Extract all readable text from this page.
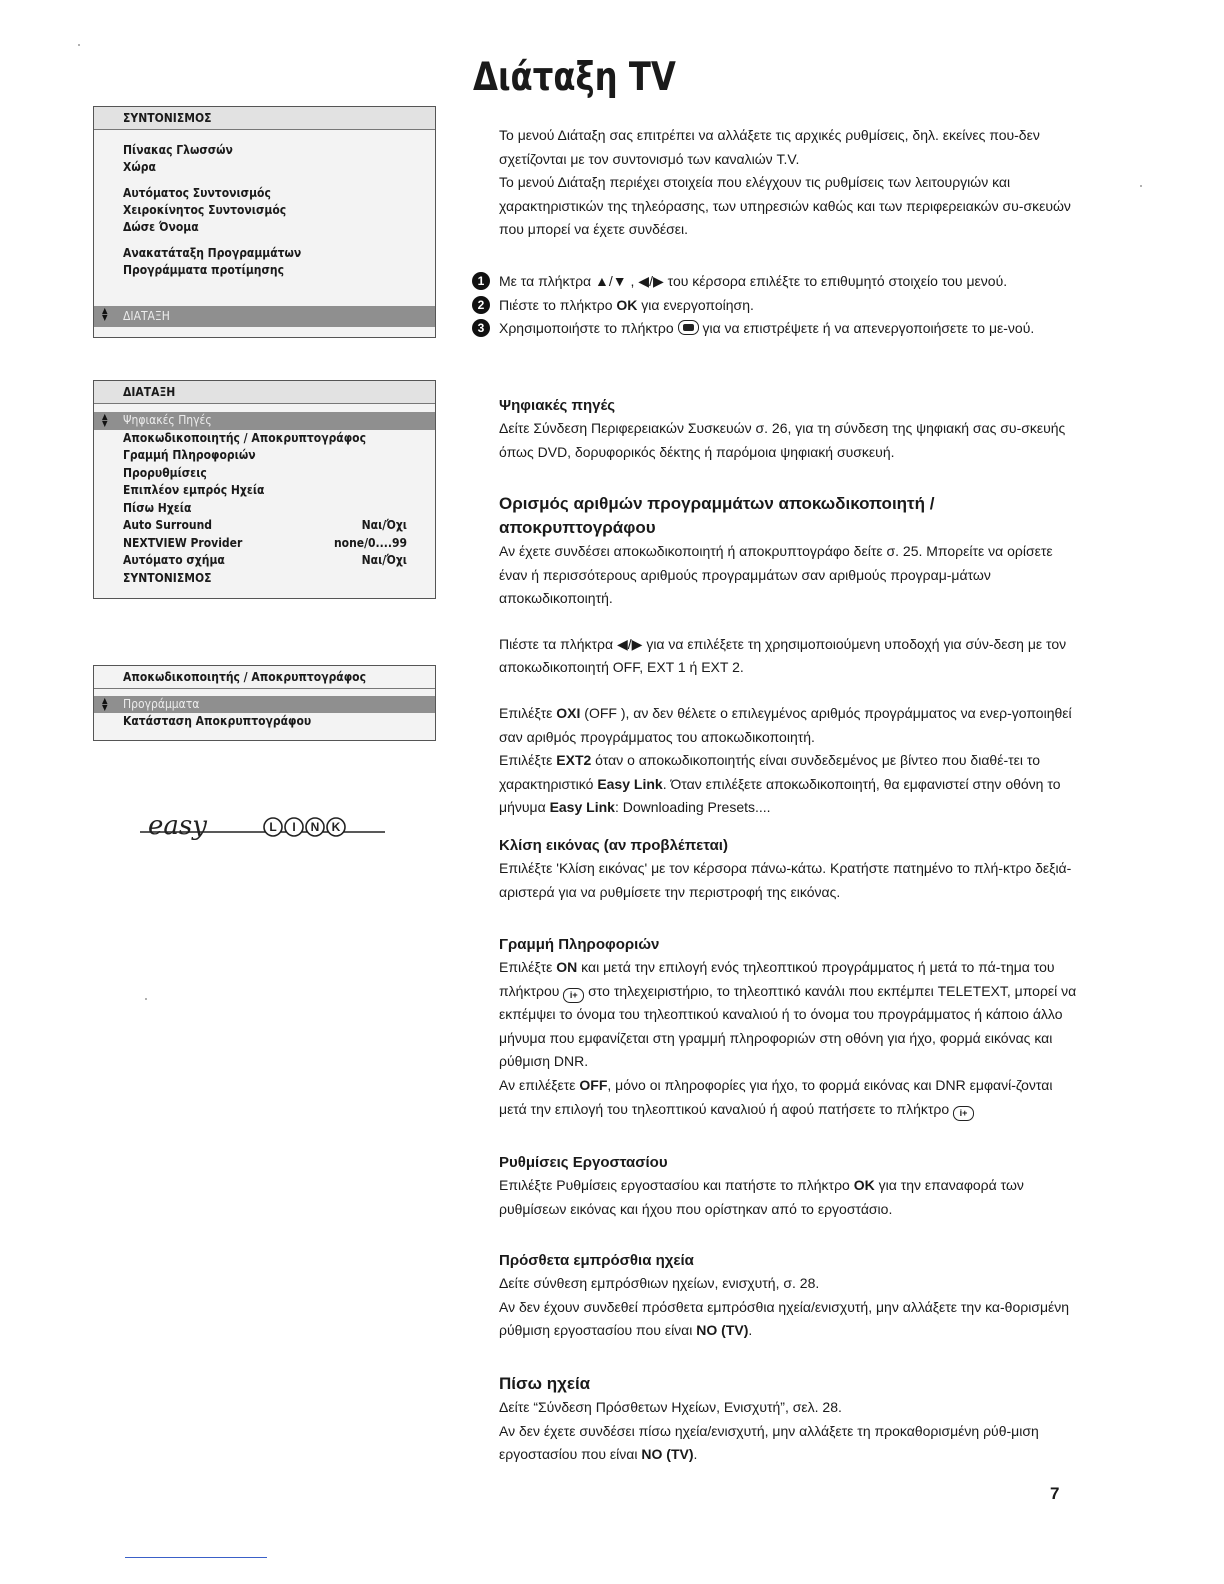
ΣΥΝΤΟΝΙΣΜΟΣ
Πίνακας Γλωσσών
Χώρα
Αυτόματος Συντονισμός
Χειροκίνητος Συντονισμός
Δώσε Όνομα
Ανακατάταξη Προγραμμάτων
Προγράμματα προτίμησης
▲
▼ ΔΙΑΤΑΞΗ
ΔΙΑΤΑΞΗ
▲
▼ Ψηφιακές Πηγές
Αποκωδικοποιητής / Αποκρυπτογράφος
Γραμμή Πληροφοριών
Προρυθμίσεις
Επιπλέον εμπρός Ηχεία
Πίσω Ηχεία
Auto Surround	Ναι/Όχι
NEXTVIEW Provider	none/0....99
Αυτόματο σχήμα	Ναι/Όχι
ΣΥΝΤΟΝΙΣΜΟΣ
Αποκωδικοποιητής / Αποκρυπτογράφος
▲
▼ Προγράμματα
Κατάσταση Αποκρυπτογράφου
easy	L I N K
Διάταξη TV

Το μενού Διάταξη σας επιτρέπει να αλλάξετε τις αρχικές ρυθμίσεις, δηλ. εκείνες που-δεν σχετίζονται με τον συντονισμό των καναλιών T.V.

Το μενού Διάταξη περιέχει στοιχεία που ελέγχουν τις ρυθμίσεις των λειτουργιών και χαρακτηριστικών της τηλεόρασης, των υπηρεσιών καθώς και των περιφερειακών συ-σκευών που μπορεί να έχετε συνδέσει.

1	Με τα πλήκτρα ▲/▼ , ◀/▶ του κέρσορα επιλέξτε το επιθυμητό στοιχείο του μενού.
2	Πιέστε το πλήκτρο OK για ενεργοποίηση.
3	Χρησιμοποιήστε το πλήκτρο  για να επιστρέψετε ή να απενεργοποιήσετε το με-νού.
Ψηφιακές πηγές

Δείτε Σύνδεση Περιφερειακών Συσκευών σ. 26, για τη σύνδεση της ψηφιακή σας συ-σκευής όπως DVD, δορυφορικός δέκτης ή παρόμοια ψηφιακή συσκευή.

Ορισμός αριθμών προγραμμάτων αποκωδικοποιητή /αποκρυπτογράφου

Αν έχετε συνδέσει αποκωδικοποιητή ή αποκρυπτογράφο δείτε σ. 25. Μπορείτε να ορίσετε έναν ή περισσότερους αριθμούς προγραμμάτων σαν αριθμούς προγραμ-μάτων αποκωδικοποιητή.

Πιέστε τα πλήκτρα ◀/▶ για να επιλέξετε τη χρησιμοποιούμενη υποδοχή για σύν-δεση με τον αποκωδικοποιητή OFF, EXT 1 ή EXT 2.

Επιλέξτε ΟΧΙ (OFF ), αν δεν θέλετε ο επιλεγμένος αριθμός προγράμματος να ενερ-γοποιηθεί σαν αριθμός προγράμματος του αποκωδικοποιητή.

Επιλέξτε EXT2 όταν ο αποκωδικοποιητής είναι συνδεδεμένος με βίντεο που διαθέ-τει το χαρακτηριστικό Easy Link. Όταν επιλέξετε αποκωδικοποιητή, θα εμφανιστεί στην οθόνη το μήνυμα Easy Link: Downloading Presets....

Κλίση εικόνας (αν προβλέπεται)

Επιλέξτε 'Κλίση εικόνας' με τον κέρσορα πάνω-κάτω. Κρατήστε πατημένο το πλή-κτρο δεξιά-αριστερά για να ρυθμίσετε την περιστροφή της εικόνας.

Γραμμή Πληροφοριών

Επιλέξτε ON και μετά την επιλογή ενός τηλεοπτικού προγράμματος ή μετά το πά-τημα του πλήκτρου i+ στο τηλεχειριστήριο, το τηλεοπτικό κανάλι που εκπέμπει TELETEXT, μπορεί να εκπέμψει το όνομα του τηλεοπτικού καναλιού ή το όνομα του προγράμματος ή κάποιο άλλο μήνυμα που εμφανίζεται στη γραμμή πληροφοριών στη οθόνη για ήχο, φορμά εικόνας και ρύθμιση DNR.

Αν επιλέξετε OFF, μόνο οι πληροφορίες για ήχο, το φορμά εικόνας και DNR εμφανί-ζονται μετά την επιλογή του τηλεοπτικού καναλιού ή αφού πατήσετε το πλήκτρο i+

Ρυθμίσεις Εργοστασίου

Επιλέξτε Ρυθμίσεις εργοστασίου και πατήστε το πλήκτρο OK για την επαναφορά των ρυθμίσεων εικόνας και ήχου που ορίστηκαν από το εργοστάσιο.

Πρόσθετα εμπρόσθια ηχεία

Δείτε σύνθεση εμπρόσθιων ηχείων, ενισχυτή, σ. 28.

Αν δεν έχουν συνδεθεί πρόσθετα εμπρόσθια ηχεία/ενισχυτή, μην αλλάξετε την κα-θορισμένη ρύθμιση εργοστασίου που είναι NO (TV).

Πίσω ηχεία

Δείτε “Σύνδεση Πρόσθετων Ηχείων, Ενισχυτή”, σελ. 28.

Αν δεν έχετε συνδέσει πίσω ηχεία/ενισχυτή, μην αλλάξετε τη προκαθορισμένη ρύθ-μιση εργοστασίου που είναι NO (TV).

7
